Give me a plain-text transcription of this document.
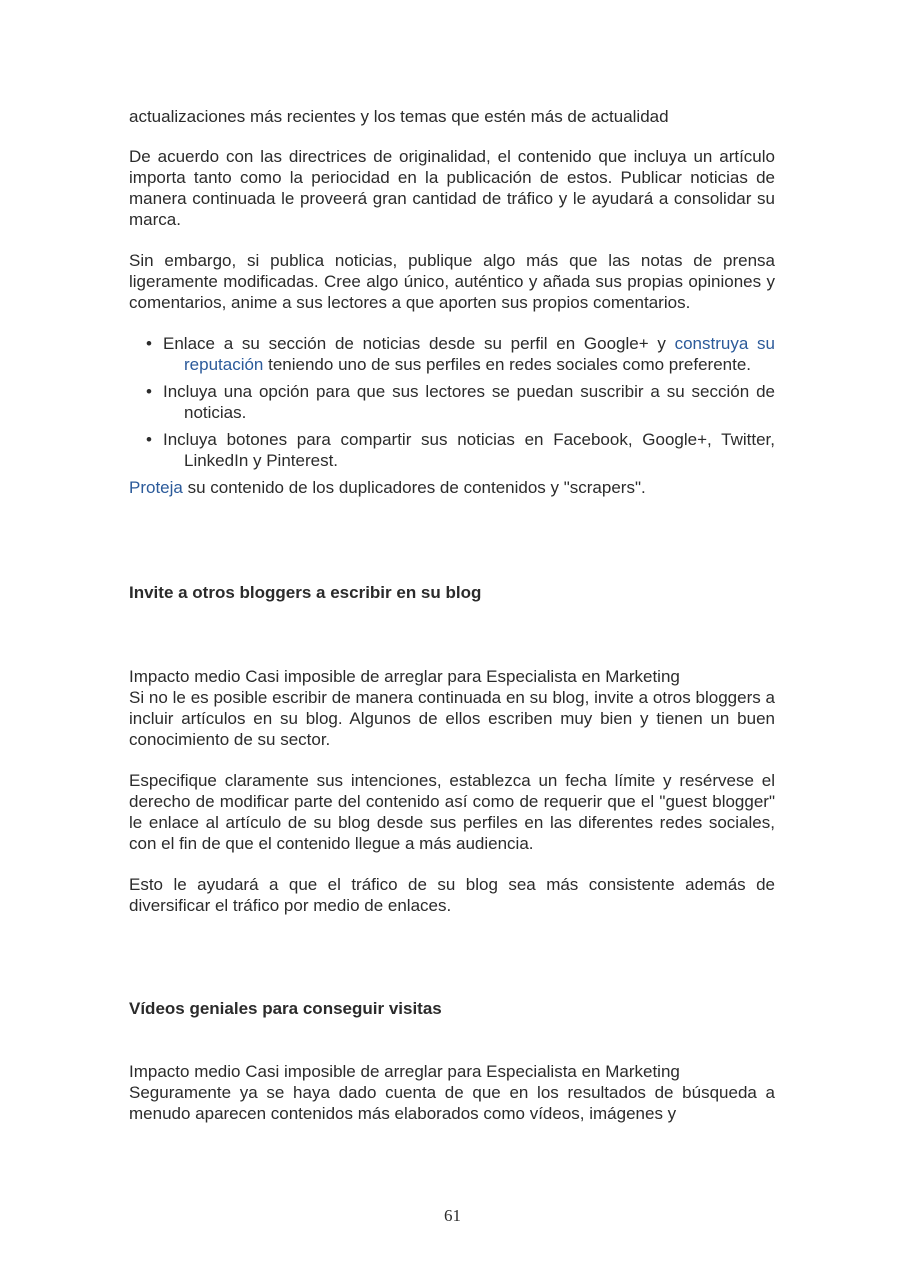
actualizaciones más recientes y los temas que estén más de actualidad

De acuerdo con las directrices de originalidad, el contenido que incluya un artículo importa tanto como la periocidad en la publicación de estos. Publicar noticias de manera continuada le proveerá gran cantidad de tráfico y le ayudará a consolidar su marca.

Sin embargo, si publica noticias, publique algo más que las notas de prensa ligeramente modificadas. Cree algo único, auténtico y añada sus propias opiniones y comentarios, anime a sus lectores a que aporten sus propios comentarios.

• Enlace a su sección de noticias desde su perfil en Google+ y construya su reputación teniendo uno de sus perfiles en redes sociales como preferente.
• Incluya una opción para que sus lectores se puedan suscribir a su sección de noticias.
• Incluya botones para compartir sus noticias en Facebook, Google+, Twitter, LinkedIn y Pinterest.

Proteja su contenido de los duplicadores de contenidos y "scrapers".

Invite a otros bloggers a escribir en su blog

Impacto medio Casi imposible de arreglar para Especialista en Marketing

Si no le es posible escribir de manera continuada en su blog, invite a otros bloggers a incluir artículos en su blog. Algunos de ellos escriben muy bien y tienen un buen conocimiento de su sector.

Especifique claramente sus intenciones, establezca un fecha límite y resérvese el derecho de modificar parte del contenido así como de requerir que el "guest blogger" le enlace al artículo de su blog desde sus perfiles en las diferentes redes sociales, con el fin de que el contenido llegue a más audiencia.

Esto le ayudará a que el tráfico de su blog sea más consistente además de diversificar el tráfico por medio de enlaces.

Vídeos geniales para conseguir visitas

Impacto medio Casi imposible de arreglar para Especialista en Marketing

Seguramente ya se haya dado cuenta de que en los resultados de búsqueda a menudo aparecen contenidos más elaborados como vídeos, imágenes y

61
